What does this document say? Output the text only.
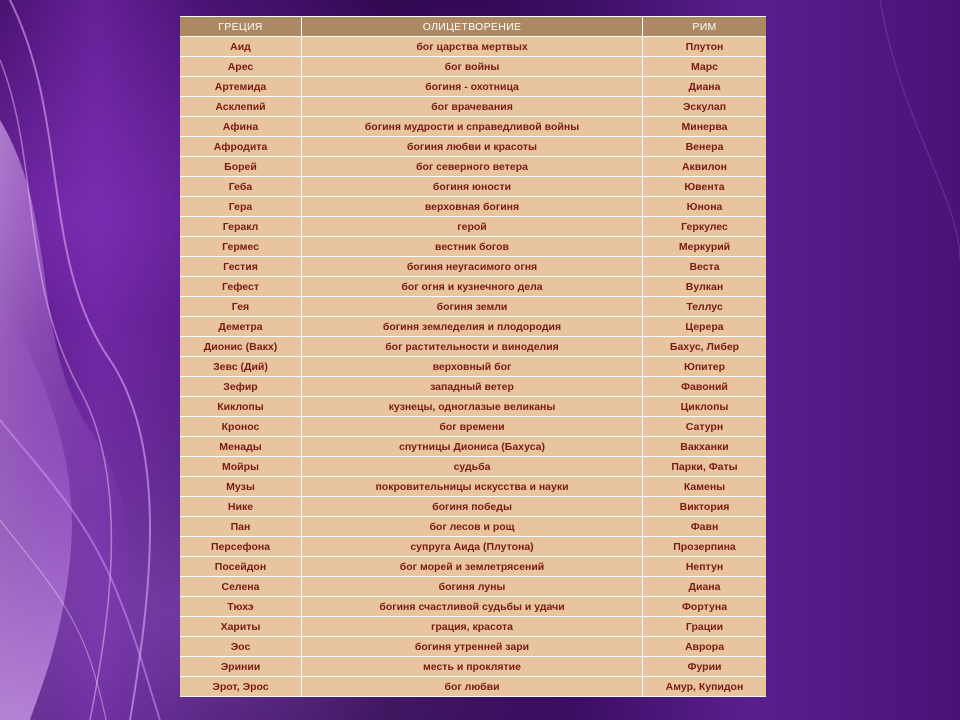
ГРЕЦИЯ	ОЛИЦЕТВОРЕНИЕ	РИМ
Аид	бог царства мертвых	Плутон
Арес	бог войны	Марс
Артемида	богиня - охотница	Диана
Асклепий	бог врачевания	Эскулап
Афина	богиня мудрости и справедливой войны	Минерва
Афродита	богиня любви и красоты	Венера
Борей	бог северного ветера	Аквилон
Геба	богиня юности	Ювента
Гера	верховная богиня	Юнона
Геракл	герой	Геркулес
Гермес	вестник богов	Меркурий
Гестия	богиня неугасимого огня	Веста
Гефест	бог огня и кузнечного дела	Вулкан
Гея	богиня земли	Теллус
Деметра	богиня земледелия и плодородия	Церера
Дионис (Вакх)	бог растительности и виноделия	Бахус, Либер
Зевс (Дий)	верховный бог	Юпитер
Зефир	западный ветер	Фавоний
Киклопы	кузнецы, одноглазые великаны	Циклопы
Кронос	бог времени	Сатурн
Менады	спутницы Диониса (Бахуса)	Вакханки
Мойры	судьба	Парки, Фаты
Музы	покровительницы искусства и науки	Камены
Нике	богиня победы	Виктория
Пан	бог лесов и рощ	Фавн
Персефона	супруга Аида (Плутона)	Прозерпина
Посейдон	бог морей и землетрясений	Нептун
Селена	богиня луны	Диана
Тюхэ	богиня счастливой судьбы и удачи	Фортуна
Хариты	грация, красота	Грации
Эос	богиня утренней зари	Аврора
Эринии	месть и проклятие	Фурии
Эрот, Эрос	бог любви	Амур, Купидон
